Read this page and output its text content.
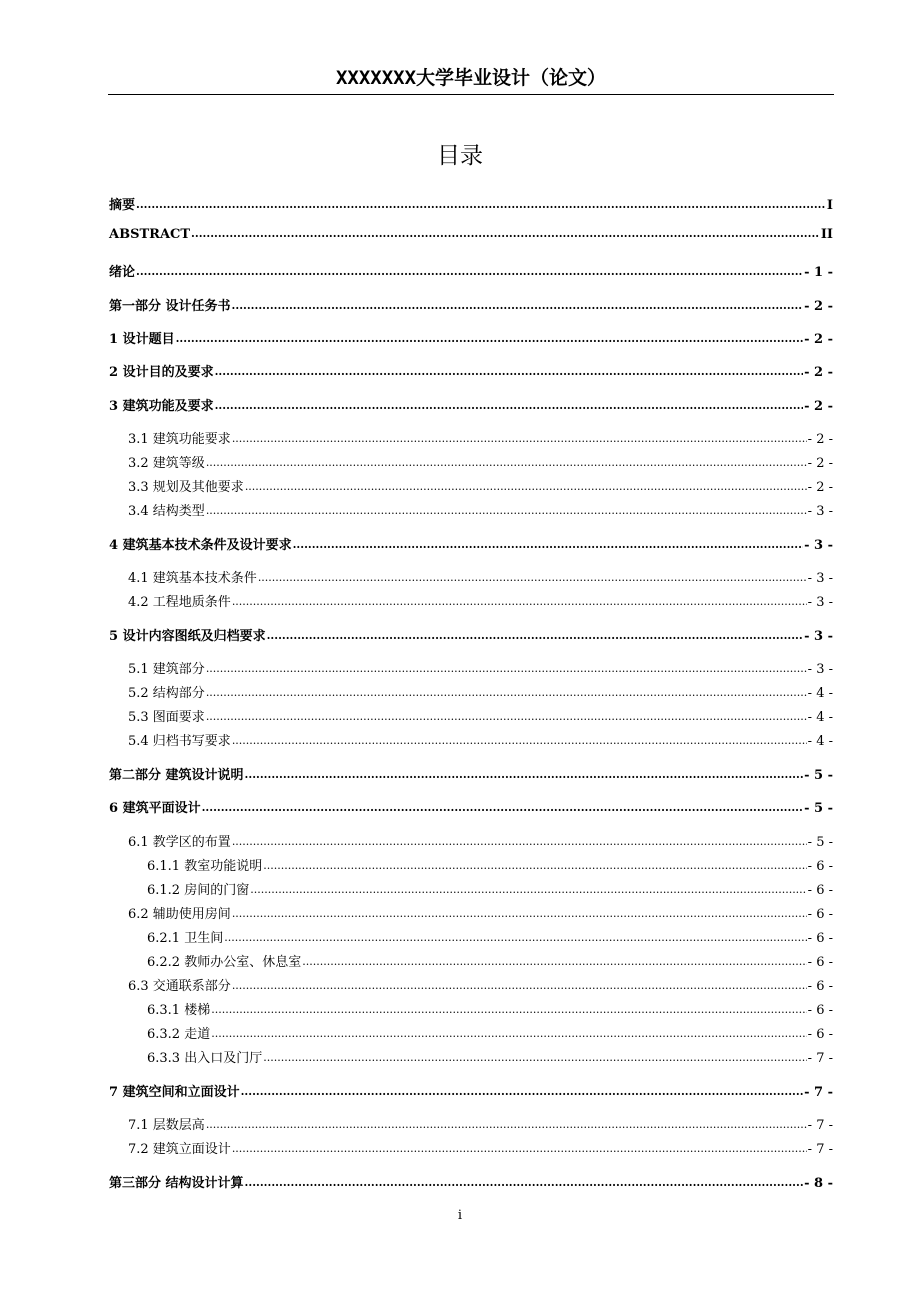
XXXXXXX大学毕业设计（论文）
目录
摘要 .....	I
ABSTRACT .....	II
绪论 .....	- 1 -
第一部分 设计任务书 .....	- 2 -
1 设计题目 .....	- 2 -
2 设计目的及要求 .....	- 2 -
3 建筑功能及要求 .....	- 2 -
3.1 建筑功能要求 .....	- 2 -
3.2 建筑等级 .....	- 2 -
3.3 规划及其他要求 .....	- 2 -
3.4 结构类型 .....	- 3 -
4 建筑基本技术条件及设计要求 .....	- 3 -
4.1 建筑基本技术条件 .....	- 3 -
4.2 工程地质条件 .....	- 3 -
5 设计内容图纸及归档要求 .....	- 3 -
5.1 建筑部分 .....	- 3 -
5.2 结构部分 .....	- 4 -
5.3 图面要求 .....	- 4 -
5.4 归档书写要求 .....	- 4 -
第二部分 建筑设计说明 .....	- 5 -
6 建筑平面设计 .....	- 5 -
6.1 教学区的布置 .....	- 5 -
6.1.1 教室功能说明 .....	- 6 -
6.1.2 房间的门窗 .....	- 6 -
6.2 辅助使用房间 .....	- 6 -
6.2.1 卫生间 .....	- 6 -
6.2.2 教师办公室、休息室 .....	- 6 -
6.3 交通联系部分 .....	- 6 -
6.3.1 楼梯 .....	- 6 -
6.3.2 走道 .....	- 6 -
6.3.3 出入口及门厅 .....	- 7 -
7 建筑空间和立面设计 .....	- 7 -
7.1 层数层高 .....	- 7 -
7.2 建筑立面设计 .....	- 7 -
第三部分 结构设计计算 .....	- 8 -
i
